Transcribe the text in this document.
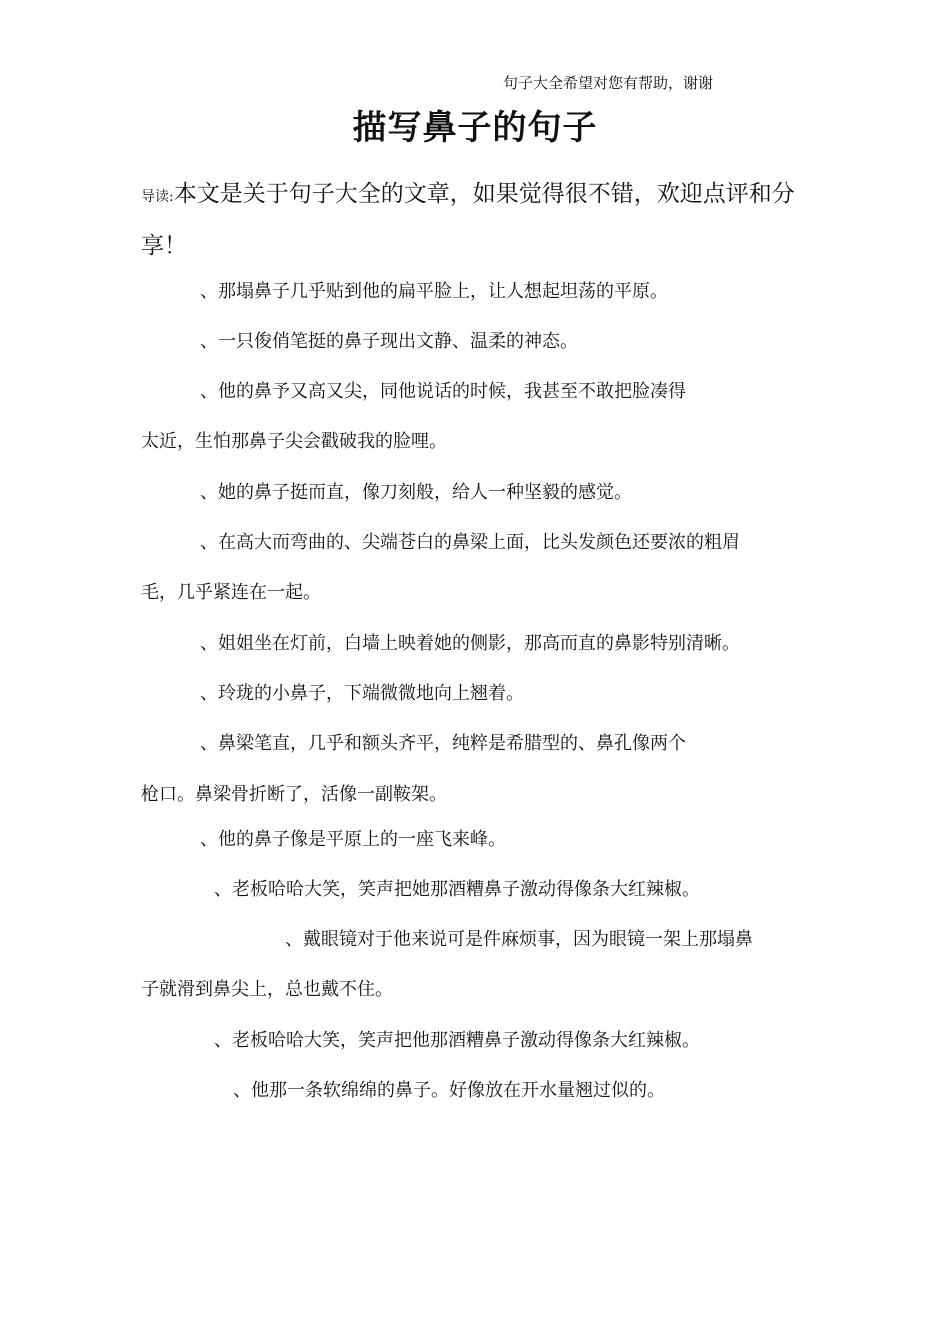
句子大全希望对您有帮助，谢谢
描写鼻子的句子
导读:本文是关于句子大全的文章，如果觉得很不错，欢迎点评和分享！
、那塌鼻子几乎贴到他的扁平脸上，让人想起坦荡的平原。
、一只俊俏笔挺的鼻子现出文静、温柔的神态。
、他的鼻予又高又尖，同他说话的时候，我甚至不敢把脸凑得
太近，生怕那鼻子尖会戳破我的脸哩。
、她的鼻子挺而直，像刀刻般，给人一种坚毅的感觉。
、在高大而弯曲的、尖端苍白的鼻梁上面，比头发颜色还要浓的粗眉
毛，几乎紧连在一起。
、姐姐坐在灯前，白墙上映着她的侧影，那高而直的鼻影特别清晰。
、玲珑的小鼻子，下端微微地向上翘着。
、鼻梁笔直，几乎和额头齐平，纯粹是希腊型的、鼻孔像两个
枪口。鼻梁骨折断了，活像一副鞍架。
、他的鼻子像是平原上的一座飞来峰。
、老板哈哈大笑，笑声把她那酒糟鼻子激动得像条大红辣椒。
、戴眼镜对于他来说可是件麻烦事，因为眼镜一架上那塌鼻
子就滑到鼻尖上，总也戴不住。
、老板哈哈大笑，笑声把他那酒糟鼻子激动得像条大红辣椒。
、他那一条软绵绵的鼻子。好像放在开水量翘过似的。
